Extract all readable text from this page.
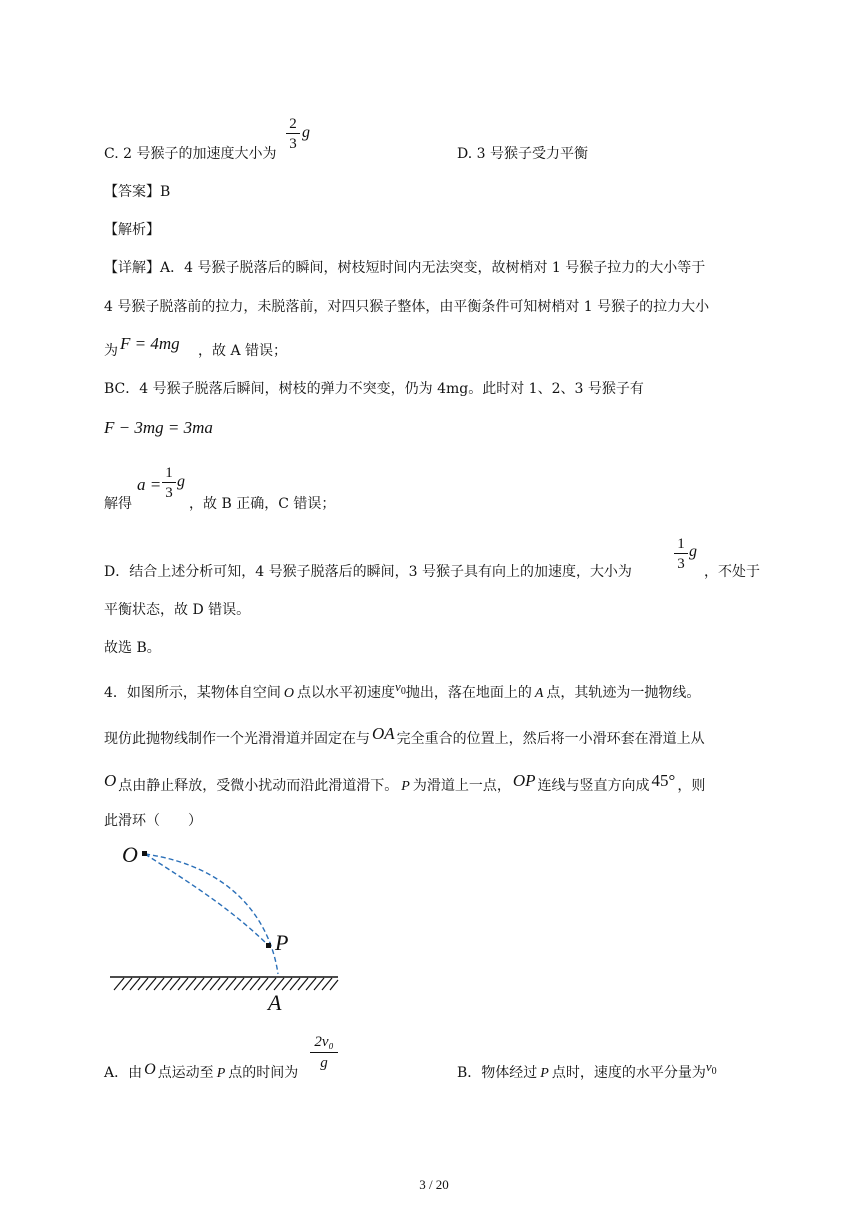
C. 2 号猴子的加速度大小为
2
3
g
D. 3 号猴子受力平衡
【答案】B
【解析】
【详解】A．4 号猴子脱落后的瞬间，树枝短时间内无法突变，故树梢对 1 号猴子拉力的大小等于
4 号猴子脱落前的拉力，未脱落前，对四只猴子整体，由平衡条件可知树梢对 1 号猴子的拉力大小
为 F = 4mg ，故 A 错误；
BC．4 号猴子脱落后瞬间，树枝的弹力不突变，仍为 4mg。此时对 1、2、3 号猴子有
F − 3mg = 3ma
解得
a =
1
3
g
，故 B 正确，C 错误；
D．结合上述分析可知，4 号猴子脱落后的瞬间，3 号猴子具有向上的加速度，大小为
1
3
g
，不处于
平衡状态，故 D 错误。
故选 B。
4．如图所示，某物体自空间 O 点以水平初速度$v_0$抛出，落在地面上的 A 点，其轨迹为一抛物线。
现仿此抛物线制作一个光滑滑道并固定在与 OA 完全重合的位置上，然后将一小滑环套在滑道上从
O 点由静止释放，受微小扰动而沿此滑道滑下。 P 为滑道上一点， OP 连线与竖直方向成 45° ，则
此滑环（　　）
O
P
A
A．由 O 点运动至 P 点的时间为
2v₀
g
B．物体经过 P 点时，速度的水平分量为$v_0$
3 / 20
